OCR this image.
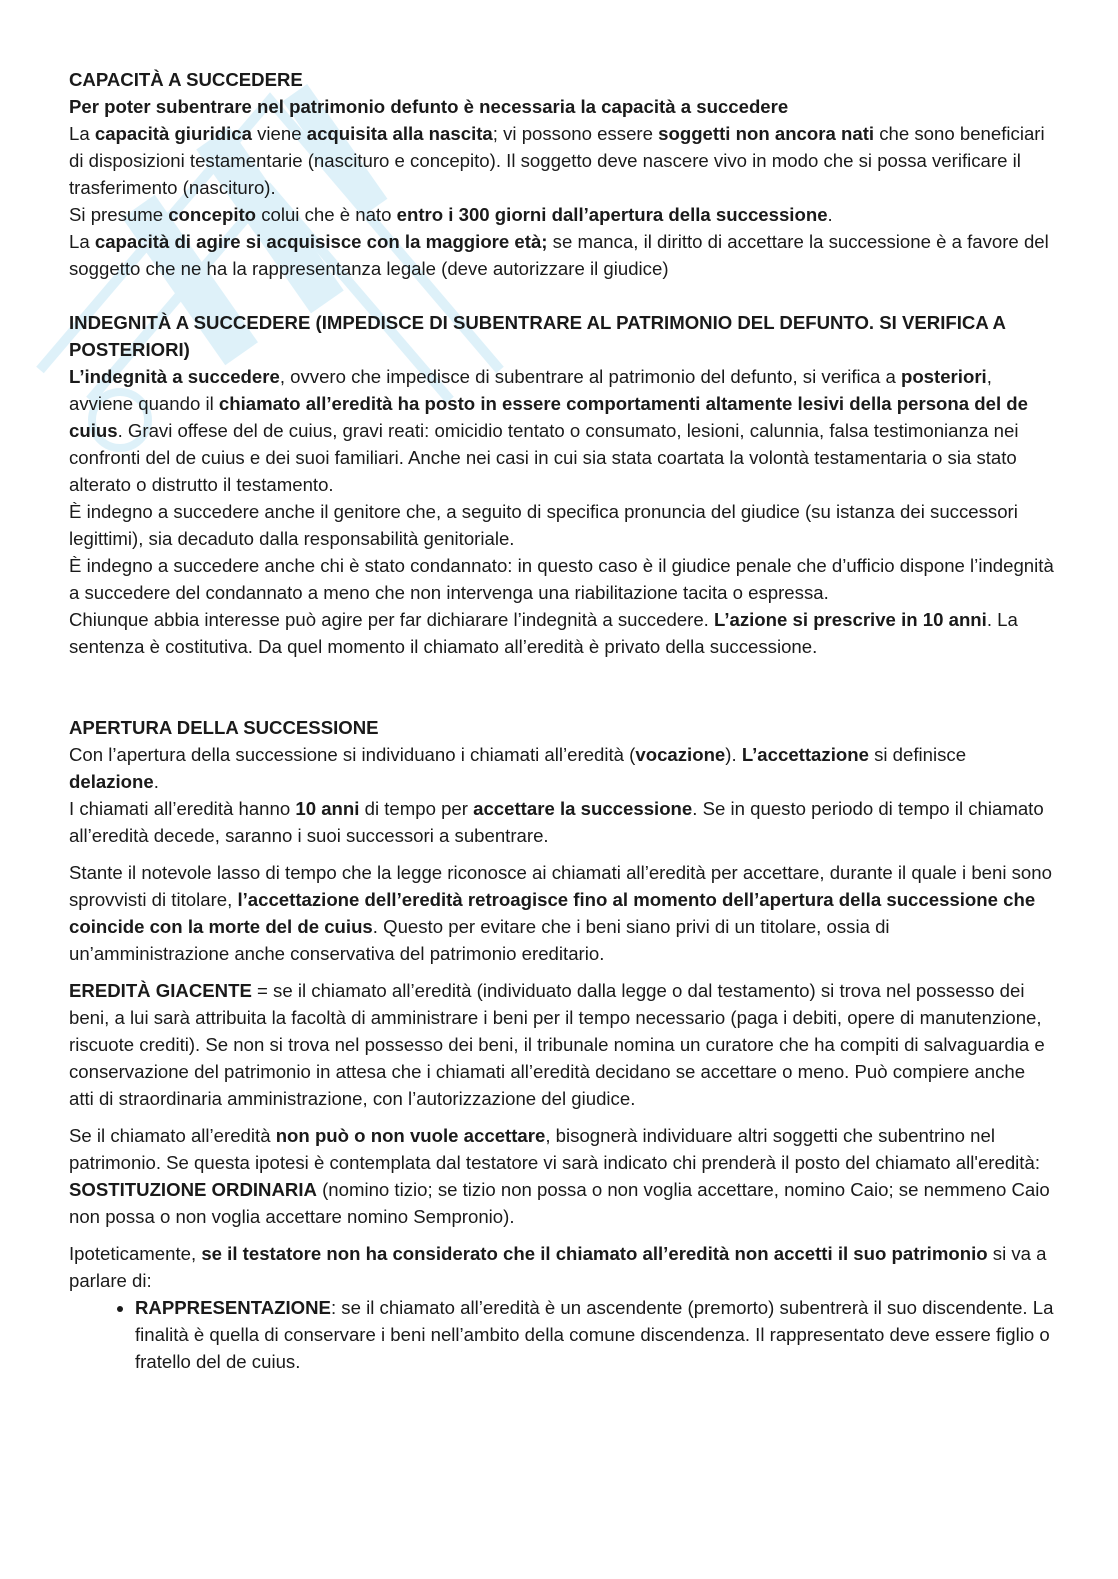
CAPACITÀ A SUCCEDERE

Per poter subentrare nel patrimonio defunto è necessaria la capacità a succedere

La capacità giuridica viene acquisita alla nascita; vi possono essere soggetti non ancora nati che sono beneficiari di disposizioni testamentarie (nascituro e concepito). Il soggetto deve nascere vivo in modo che si possa verificare il trasferimento (nascituro).

Si presume concepito colui che è nato entro i 300 giorni dall’apertura della successione.

La capacità di agire si acquisisce con la maggiore età; se manca, il diritto di accettare la successione è a favore del soggetto che ne ha la rappresentanza legale (deve autorizzare il giudice)

INDEGNITÀ A SUCCEDERE (IMPEDISCE DI SUBENTRARE AL PATRIMONIO DEL DEFUNTO. SI VERIFICA A POSTERIORI)

L’indegnità a succedere, ovvero che impedisce di subentrare al patrimonio del defunto, si verifica a posteriori, avviene quando il chiamato all’eredità ha posto in essere comportamenti altamente lesivi della persona del de cuius. Gravi offese del de cuius, gravi reati: omicidio tentato o consumato, lesioni, calunnia, falsa testimonianza nei confronti del de cuius e dei suoi familiari. Anche nei casi in cui sia stata coartata la volontà testamentaria o sia stato alterato o distrutto il testamento.

È indegno a succedere anche il genitore che, a seguito di specifica pronuncia del giudice (su istanza dei successori legittimi), sia decaduto dalla responsabilità genitoriale.

È indegno a succedere anche chi è stato condannato: in questo caso è il giudice penale che d’ufficio dispone l’indegnità a succedere del condannato a meno che non intervenga una riabilitazione tacita o espressa.

Chiunque abbia interesse può agire per far dichiarare l’indegnità a succedere. L’azione si prescrive in 10 anni. La sentenza è costitutiva. Da quel momento il chiamato all’eredità è privato della successione.

APERTURA DELLA SUCCESSIONE

Con l’apertura della successione si individuano i chiamati all’eredità (vocazione). L’accettazione si definisce delazione.

I chiamati all’eredità hanno 10 anni di tempo per accettare la successione. Se in questo periodo di tempo il chiamato all’eredità decede, saranno i suoi successori a subentrare.

Stante il notevole lasso di tempo che la legge riconosce ai chiamati all’eredità per accettare, durante il quale i beni sono sprovvisti di titolare, l’accettazione dell’eredità retroagisce fino al momento dell’apertura della successione che coincide con la morte del de cuius. Questo per evitare che i beni siano privi di un titolare, ossia di un’amministrazione anche conservativa del patrimonio ereditario.

EREDITÀ GIACENTE = se il chiamato all’eredità (individuato dalla legge o dal testamento) si trova nel possesso dei beni, a lui sarà attribuita la facoltà di amministrare i beni per il tempo necessario (paga i debiti, opere di manutenzione, riscuote crediti). Se non si trova nel possesso dei beni, il tribunale nomina un curatore che ha compiti di salvaguardia e conservazione del patrimonio in attesa che i chiamati all’eredità decidano se accettare o meno. Può compiere anche atti di straordinaria amministrazione, con l’autorizzazione del giudice.

Se il chiamato all’eredità non può o non vuole accettare, bisognerà individuare altri soggetti che subentrino nel patrimonio. Se questa ipotesi è contemplata dal testatore vi sarà indicato chi prenderà il posto del chiamato all'eredità: SOSTITUZIONE ORDINARIA (nomino tizio; se tizio non possa o non voglia accettare, nomino Caio; se nemmeno Caio non possa o non voglia accettare nomino Sempronio).

Ipoteticamente, se il testatore non ha considerato che il chiamato all’eredità non accetti il suo patrimonio si va a parlare di:

• RAPPRESENTAZIONE: se il chiamato all’eredità è un ascendente (premorto) subentrerà il suo discendente. La finalità è quella di conservare i beni nell’ambito della comune discendenza. Il rappresentato deve essere figlio o fratello del de cuius.
